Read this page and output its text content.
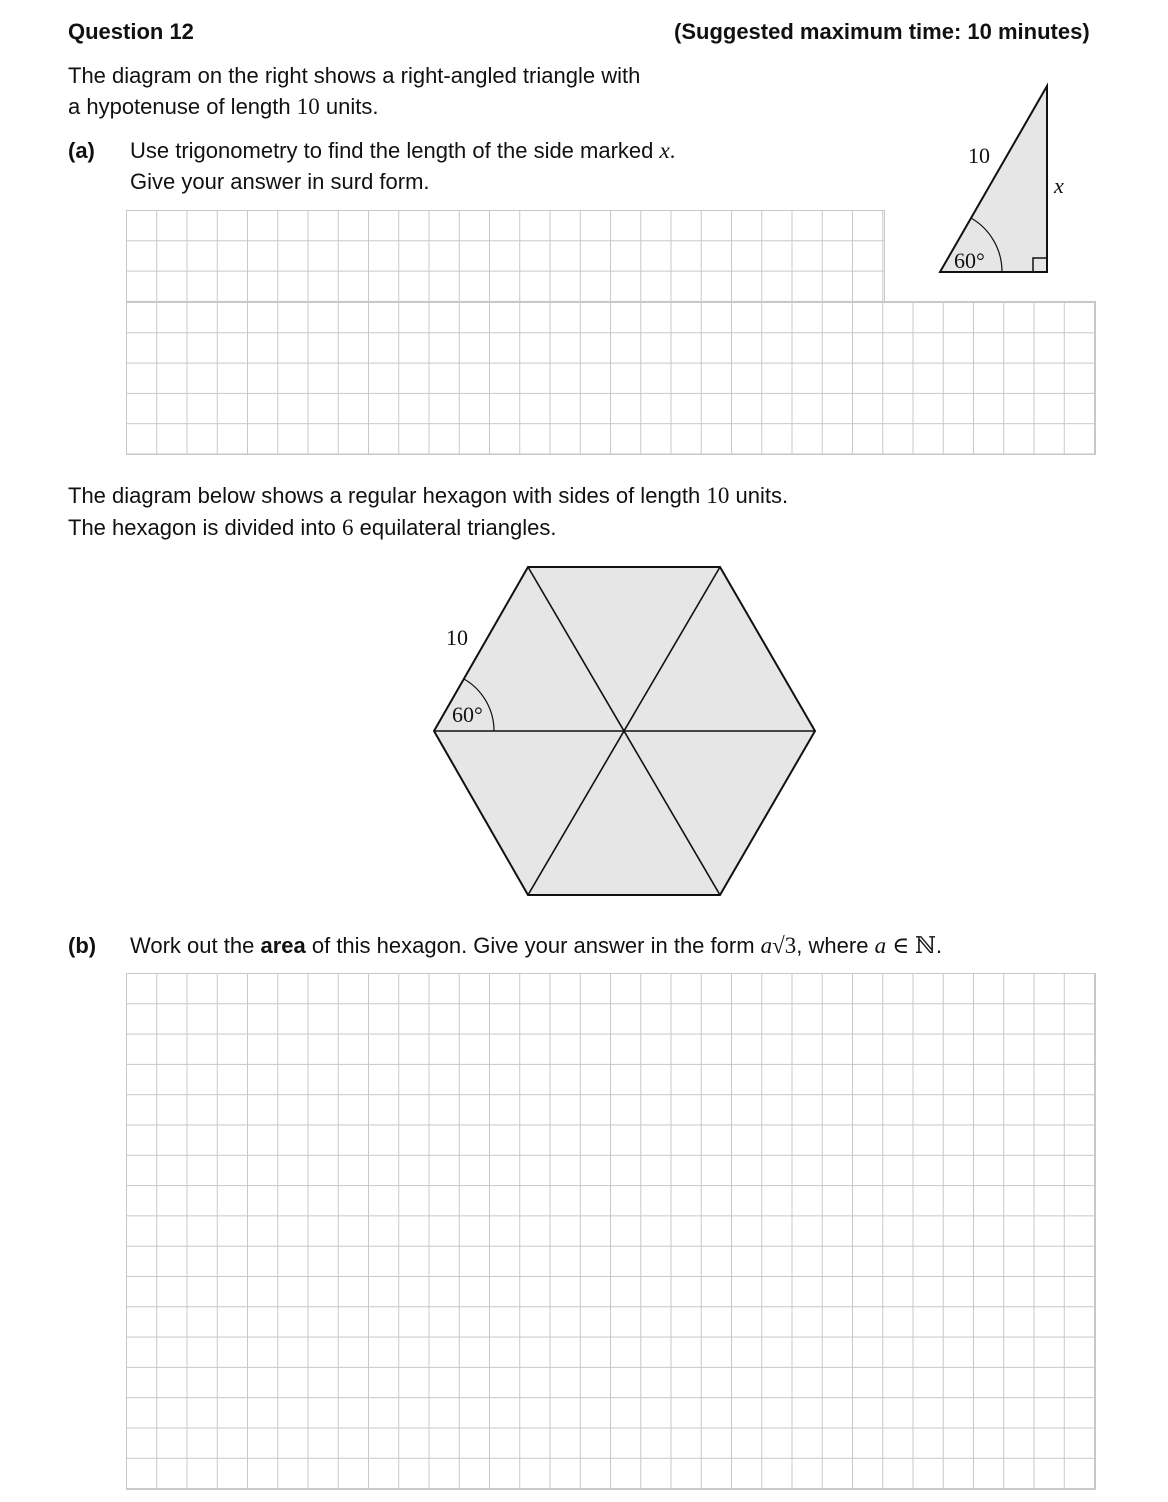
Question 12	(Suggested maximum time: 10 minutes)
The diagram on the right shows a right-angled triangle with
a hypotenuse of length 10 units.
(a) Use trigonometry to find the length of the side marked x.
Give your answer in surd form.
60°
10
x
The diagram below shows a regular hexagon with sides of length 10 units.
The hexagon is divided into 6 equilateral triangles.
60°
10
(b) Work out the area of this hexagon. Give your answer in the form a√3, where a ∈ ℕ.
